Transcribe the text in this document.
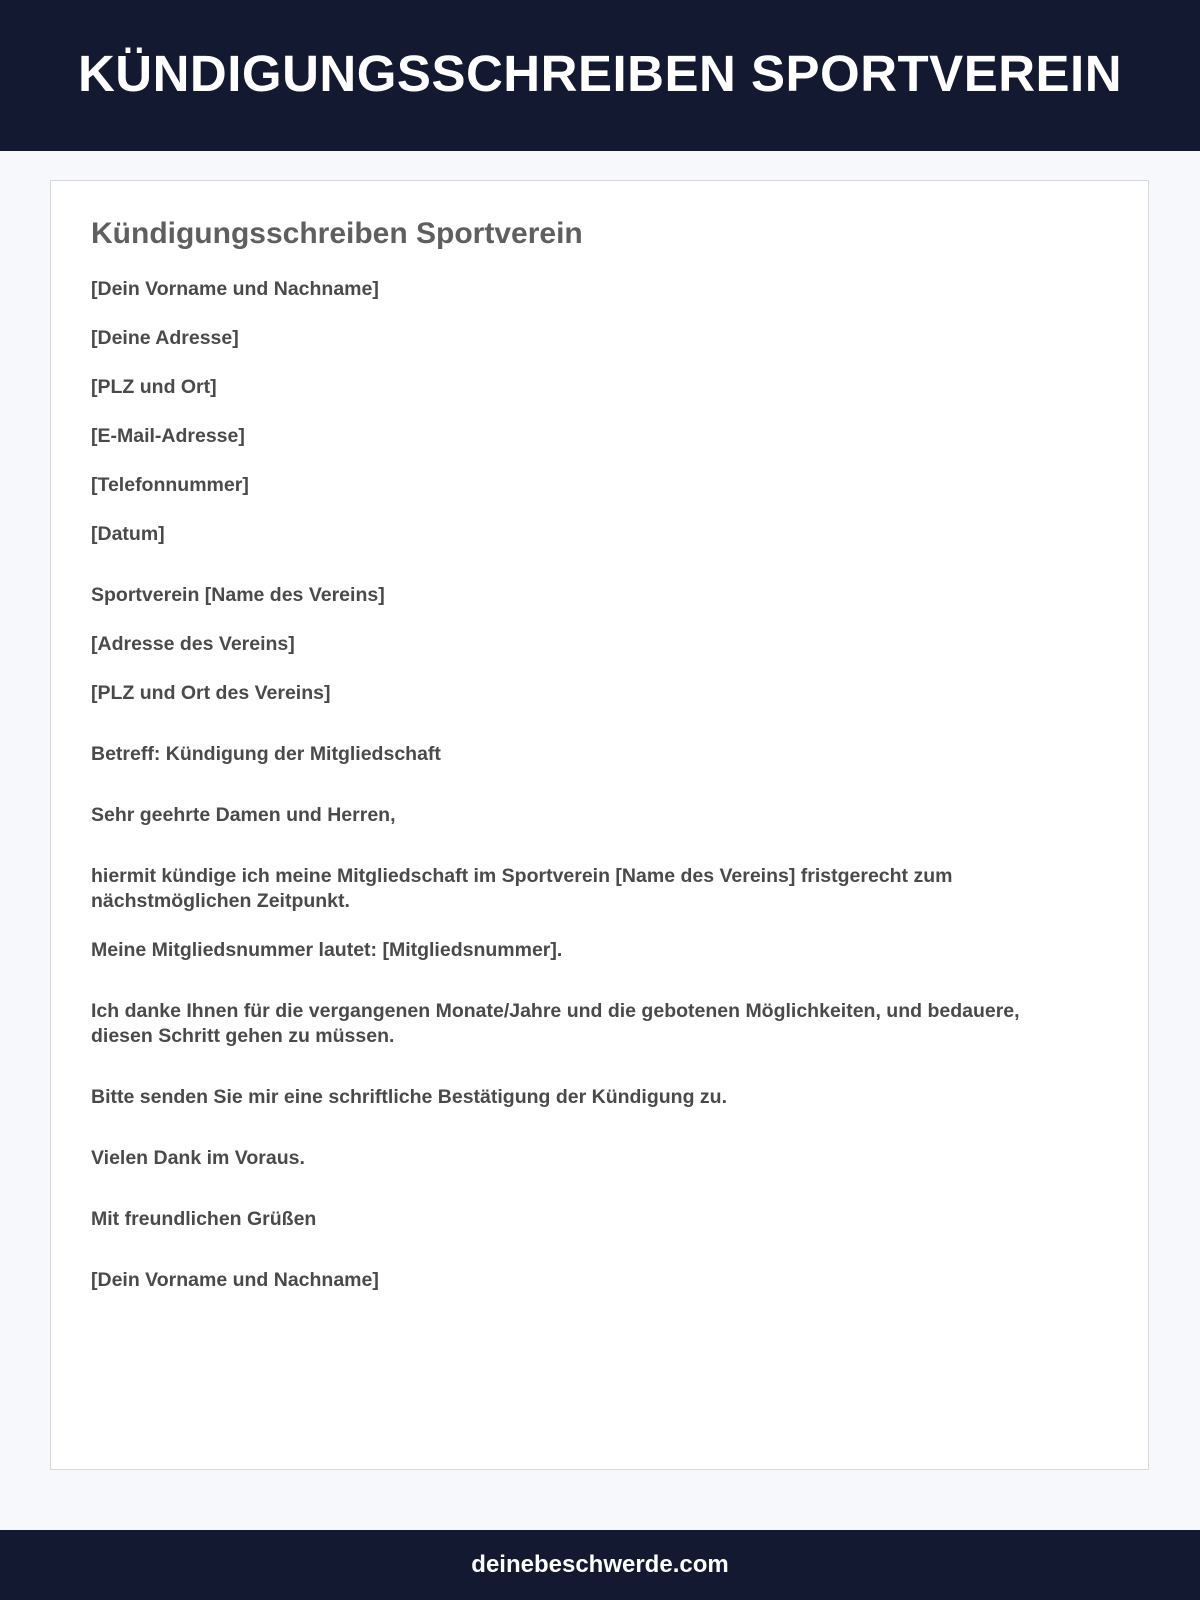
KÜNDIGUNGSSCHREIBEN SPORTVEREIN
Kündigungsschreiben Sportverein

[Dein Vorname und Nachname]

[Deine Adresse]

[PLZ und Ort]

[E-Mail-Adresse]

[Telefonnummer]

[Datum]

Sportverein [Name des Vereins]

[Adresse des Vereins]

[PLZ und Ort des Vereins]

Betreff: Kündigung der Mitgliedschaft

Sehr geehrte Damen und Herren,

hiermit kündige ich meine Mitgliedschaft im Sportverein [Name des Vereins] fristgerecht zum nächstmöglichen Zeitpunkt.

Meine Mitgliedsnummer lautet: [Mitgliedsnummer].

Ich danke Ihnen für die vergangenen Monate/Jahre und die gebotenen Möglichkeiten, und bedauere, diesen Schritt gehen zu müssen.

Bitte senden Sie mir eine schriftliche Bestätigung der Kündigung zu.

Vielen Dank im Voraus.

Mit freundlichen Grüßen

[Dein Vorname und Nachname]

deinebeschwerde.com
